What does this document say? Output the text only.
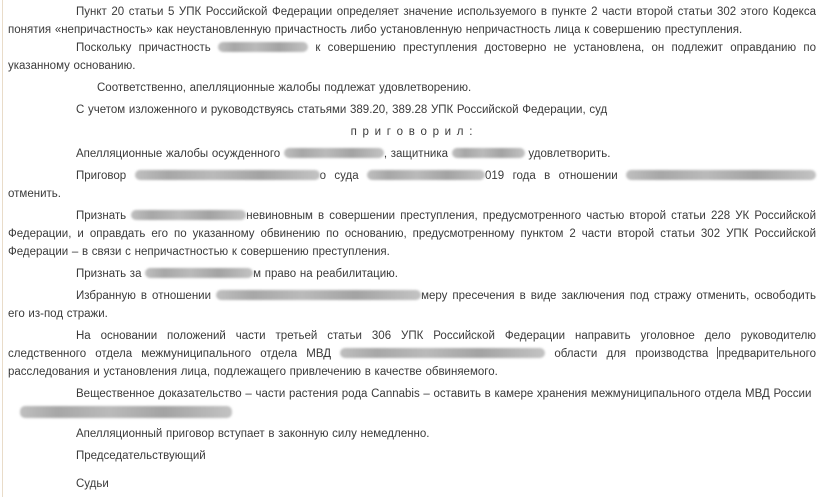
Пункт 20 статьи 5 УПК Российской Федерации определяет значение используемого в пункте 2 части второй статьи 302 этого Кодекса понятия «непричастность» как неустановленную причастность либо установленную непричастность лица к совершению преступления.
Поскольку причастность	к совершению преступления достоверно не установлена, он подлежит оправданию по указанному основанию.
Соответственно, апелляционные жалобы подлежат удовлетворению.
С учетом изложенного и руководствуясь статьями 389.20, 389.28 УПК Российской Федерации, суд
п р и г о в о р и л :
Апелляционные жалобы осужденного	, защитника	удовлетворить.
Приговор	о суда	019 года в отношении  отменить.
Признать	невиновным в совершении преступления, предусмотренного частью второй статьи 228 УК Российской Федерации, и оправдать его по указанному обвинению по основанию, предусмотренному пунктом 2 части второй статьи 302 УПК Российской Федерации – в связи с непричастностью к совершению преступления.
Признать за	м право на реабилитацию.
Избранную в отношении	меру пресечения в виде заключения под стражу отменить, освободить его из-под стражи.
На основании положений части третьей статьи 306 УПК Российской Федерации направить уголовное дело руководителю следственного отдела межмуниципального отдела МВД	области для производства предварительного расследования и установления лица, подлежащего привлечению в качестве обвиняемого.
Вещественное доказательство – части растения рода Cannabis – оставить в камере хранения межмуниципального отдела МВД России
Апелляционный приговор вступает в законную силу немедленно.
Председательствующий
Судьи
